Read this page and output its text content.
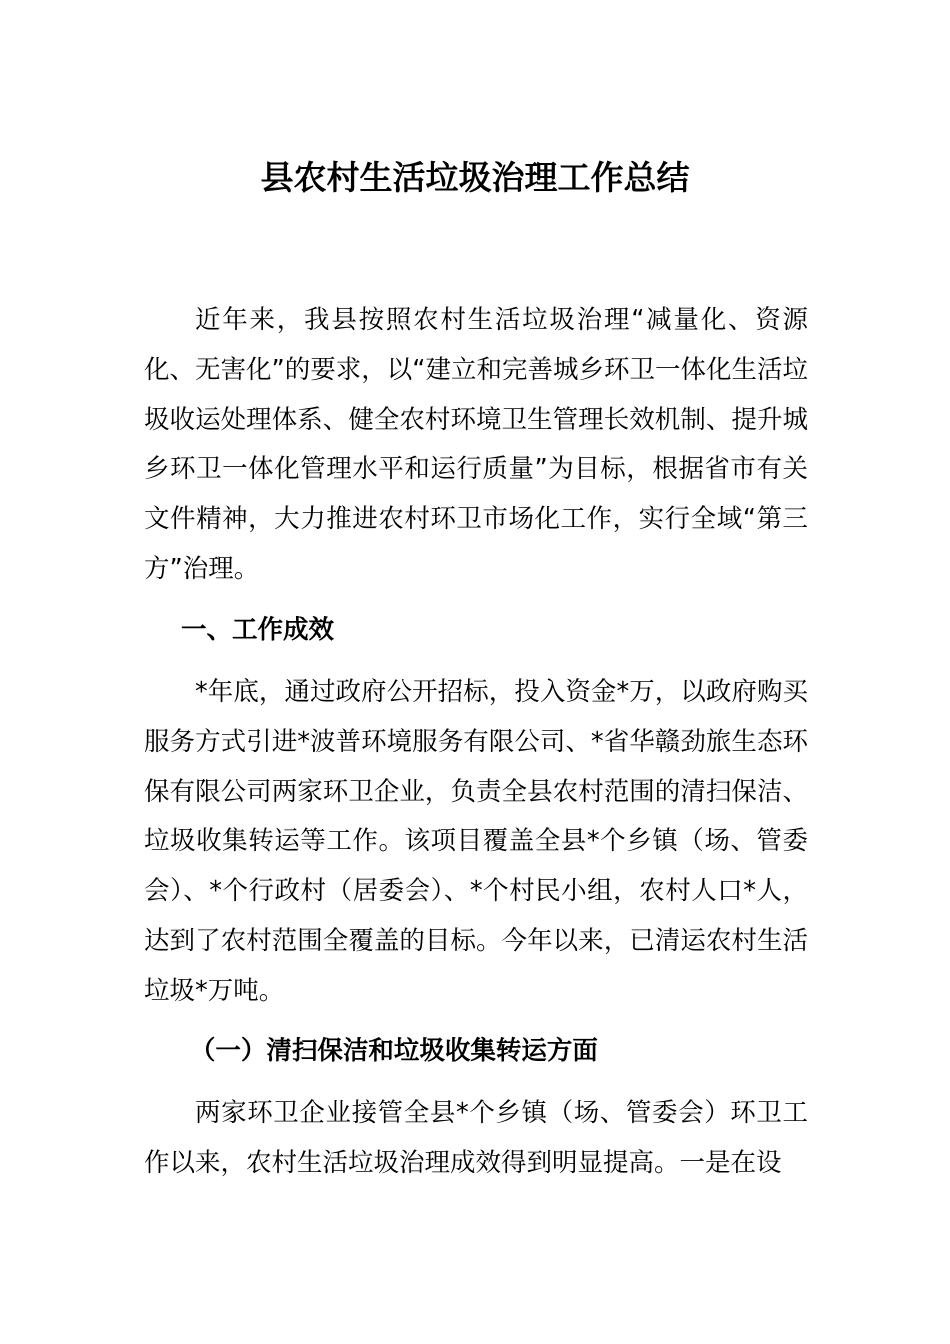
县农村生活垃圾治理工作总结

近年来，我县按照农村生活垃圾治理“减量化、资源化、无害化”的要求，以“建立和完善城乡环卫一体化生活垃圾收运处理体系、健全农村环境卫生管理长效机制、提升城乡环卫一体化管理水平和运行质量”为目标，根据省市有关文件精神，大力推进农村环卫市场化工作，实行全域“第三方”治理。

一、工作成效

*年底，通过政府公开招标，投入资金*万，以政府购买服务方式引进*波普环境服务有限公司、*省华赣劲旅生态环保有限公司两家环卫企业，负责全县农村范围的清扫保洁、垃圾收集转运等工作。该项目覆盖全县*个乡镇（场、管委会）、*个行政村（居委会）、*个村民小组，农村人口*人，达到了农村范围全覆盖的目标。今年以来，已清运农村生活垃圾*万吨。

（一）清扫保洁和垃圾收集转运方面

两家环卫企业接管全县*个乡镇（场、管委会）环卫工作以来，农村生活垃圾治理成效得到明显提高。一是在设
